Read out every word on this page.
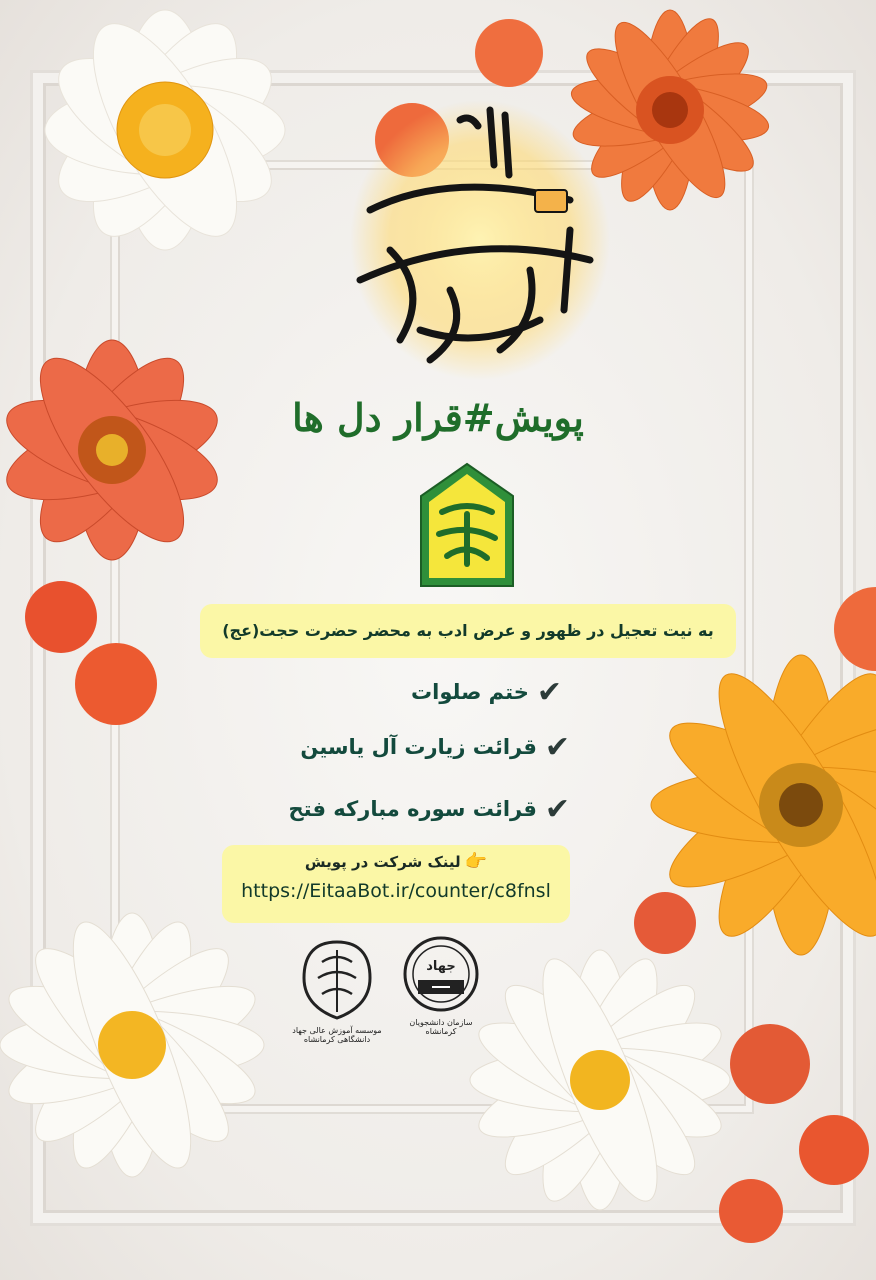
پویش#قرار دل ها
به نیت تعجیل در ظهور و عرض ادب به محضر حضرت حجت(عج)
✔ختم صلوات
✔قرائت زیارت آل یاسین
✔قرائت سوره مبارکه فتح
👉لینک شرکت در پویش
https://EitaaBot.ir/counter/c8fnsl
موسسه آموزش عالی جهاد دانشگاهی کرمانشاه
جهاد
سازمان دانشجویان کرمانشاه
